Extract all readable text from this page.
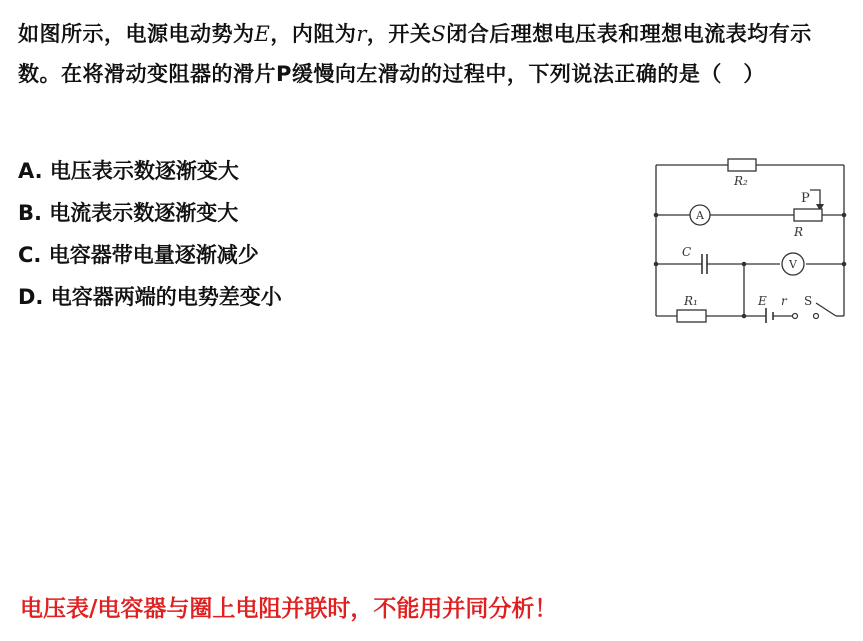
如图所示，电源电动势为E，内阻为r，开关S闭合后理想电压表和理想电流表均有示数。在将滑动变阻器的滑片P缓慢向左滑动的过程中，下列说法正确的是（　）
A. 电压表示数逐渐变大
B. 电流表示数逐渐变大
C. 电容器带电量逐渐减少
D. 电容器两端的电势差变小
R₂
P
R
C
R₁	E r S
A
V
电压表/电容器与圈上电阻并联时，不能用并同分析！
